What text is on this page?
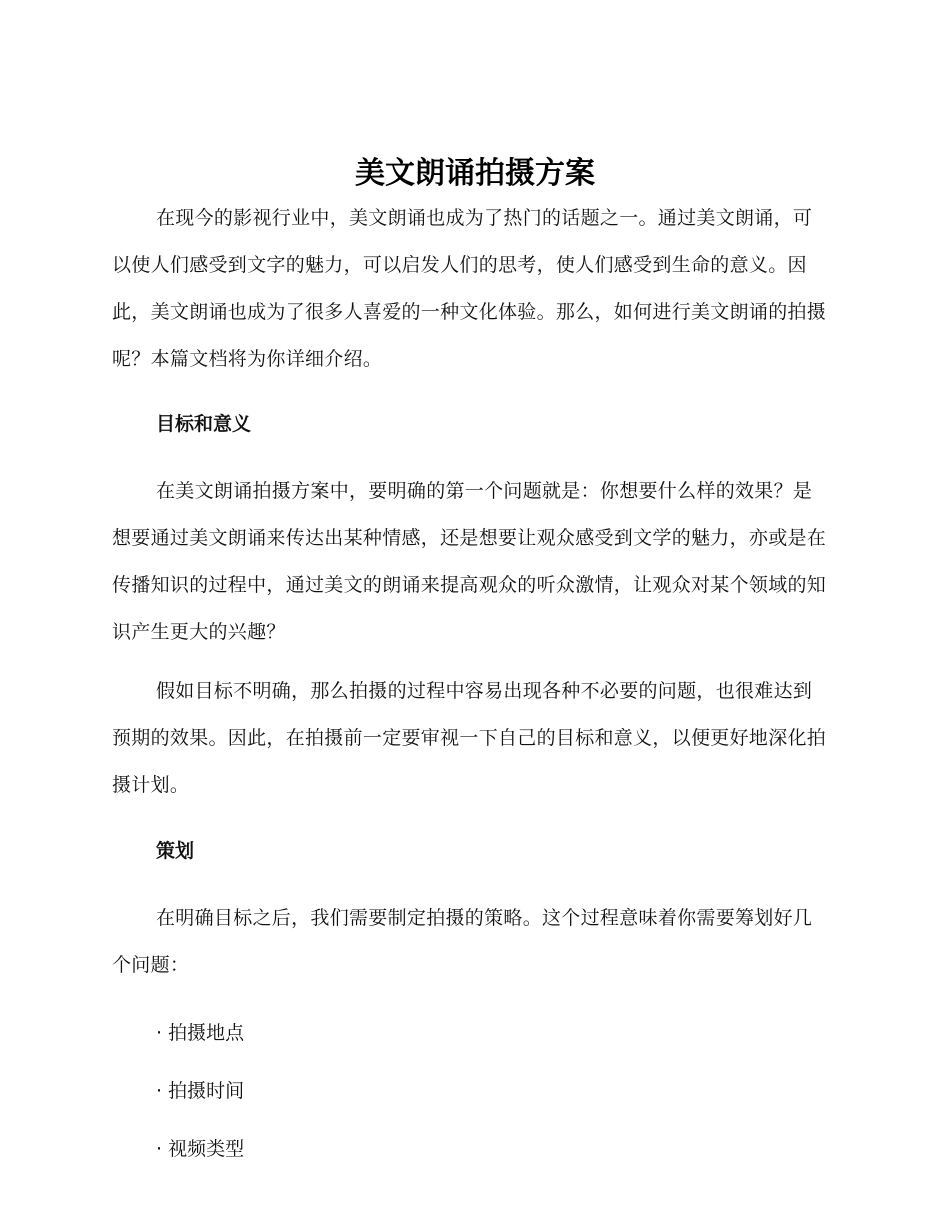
美文朗诵拍摄方案

在现今的影视行业中，美文朗诵也成为了热门的话题之一。通过美文朗诵，可以使人们感受到文字的魅力，可以启发人们的思考，使人们感受到生命的意义。因此，美文朗诵也成为了很多人喜爱的一种文化体验。那么，如何进行美文朗诵的拍摄呢？本篇文档将为你详细介绍。

目标和意义

在美文朗诵拍摄方案中，要明确的第一个问题就是：你想要什么样的效果？是想要通过美文朗诵来传达出某种情感，还是想要让观众感受到文学的魅力，亦或是在传播知识的过程中，通过美文的朗诵来提高观众的听众激情，让观众对某个领域的知识产生更大的兴趣？

假如目标不明确，那么拍摄的过程中容易出现各种不必要的问题，也很难达到预期的效果。因此，在拍摄前一定要审视一下自己的目标和意义，以便更好地深化拍摄计划。

策划

在明确目标之后，我们需要制定拍摄的策略。这个过程意味着你需要筹划好几个问题：

· 拍摄地点
· 拍摄时间
· 视频类型
